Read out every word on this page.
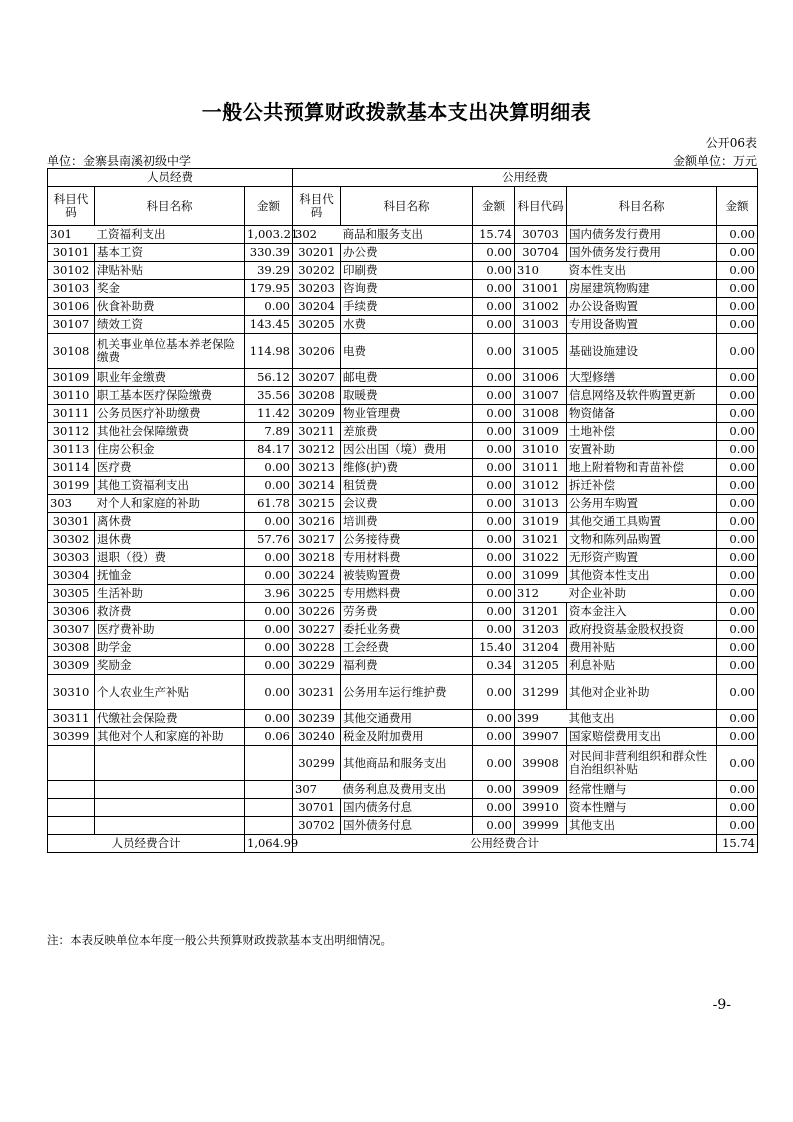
一般公共预算财政拨款基本支出决算明细表
公开06表
单位：金寨县南溪初级中学	金额单位：万元
人员经费			公用经费					
科目代码	科目名称	金额	科目代码	科目名称	金额	科目代码	科目名称	金额
301	工资福利支出	1,003.21	302	商品和服务支出	15.74	30703	国内债务发行费用	0.00
30101	基本工资	330.39	30201	办公费	0.00	30704	国外债务发行费用	0.00
30102	津贴补贴	39.29	30202	印刷费	0.00	310	资本性支出	0.00
30103	奖金	179.95	30203	咨询费	0.00	31001	房屋建筑物购建	0.00
30106	伙食补助费	0.00	30204	手续费	0.00	31002	办公设备购置	0.00
30107	绩效工资	143.45	30205	水费	0.00	31003	专用设备购置	0.00
30108	机关事业单位基本养老保险缴费	114.98	30206	电费	0.00	31005	基础设施建设	0.00
30109	职业年金缴费	56.12	30207	邮电费	0.00	31006	大型修缮	0.00
30110	职工基本医疗保险缴费	35.56	30208	取暖费	0.00	31007	信息网络及软件购置更新	0.00
30111	公务员医疗补助缴费	11.42	30209	物业管理费	0.00	31008	物资储备	0.00
30112	其他社会保障缴费	7.89	30211	差旅费	0.00	31009	土地补偿	0.00
30113	住房公积金	84.17	30212	因公出国（境）费用	0.00	31010	安置补助	0.00
30114	医疗费	0.00	30213	维修(护)费	0.00	31011	地上附着物和青苗补偿	0.00
30199	其他工资福利支出	0.00	30214	租赁费	0.00	31012	拆迁补偿	0.00
303	对个人和家庭的补助	61.78	30215	会议费	0.00	31013	公务用车购置	0.00
30301	离休费	0.00	30216	培训费	0.00	31019	其他交通工具购置	0.00
30302	退休费	57.76	30217	公务接待费	0.00	31021	文物和陈列品购置	0.00
30303	退职（役）费	0.00	30218	专用材料费	0.00	31022	无形资产购置	0.00
30304	抚恤金	0.00	30224	被装购置费	0.00	31099	其他资本性支出	0.00
30305	生活补助	3.96	30225	专用燃料费	0.00	312	对企业补助	0.00
30306	救济费	0.00	30226	劳务费	0.00	31201	资本金注入	0.00
30307	医疗费补助	0.00	30227	委托业务费	0.00	31203	政府投资基金股权投资	0.00
30308	助学金	0.00	30228	工会经费	15.40	31204	费用补贴	0.00
30309	奖励金	0.00	30229	福利费	0.34	31205	利息补贴	0.00
30310	个人农业生产补贴	0.00	30231	公务用车运行维护费	0.00	31299	其他对企业补助	0.00
30311	代缴社会保险费	0.00	30239	其他交通费用	0.00	399	其他支出	0.00
30399	其他对个人和家庭的补助	0.06	30240	税金及附加费用	0.00	39907	国家赔偿费用支出	0.00
			30299	其他商品和服务支出	0.00	39908	对民间非营利组织和群众性自治组织补贴	0.00
			307	债务利息及费用支出	0.00	39909	经常性赠与	0.00
			30701	国内债务付息	0.00	39910	资本性赠与	0.00
			30702	国外债务付息	0.00	39999	其他支出	0.00
人员经费合计		1,064.99	公用经费合计					15.74
注：本表反映单位本年度一般公共预算财政拨款基本支出明细情况。
-9-
